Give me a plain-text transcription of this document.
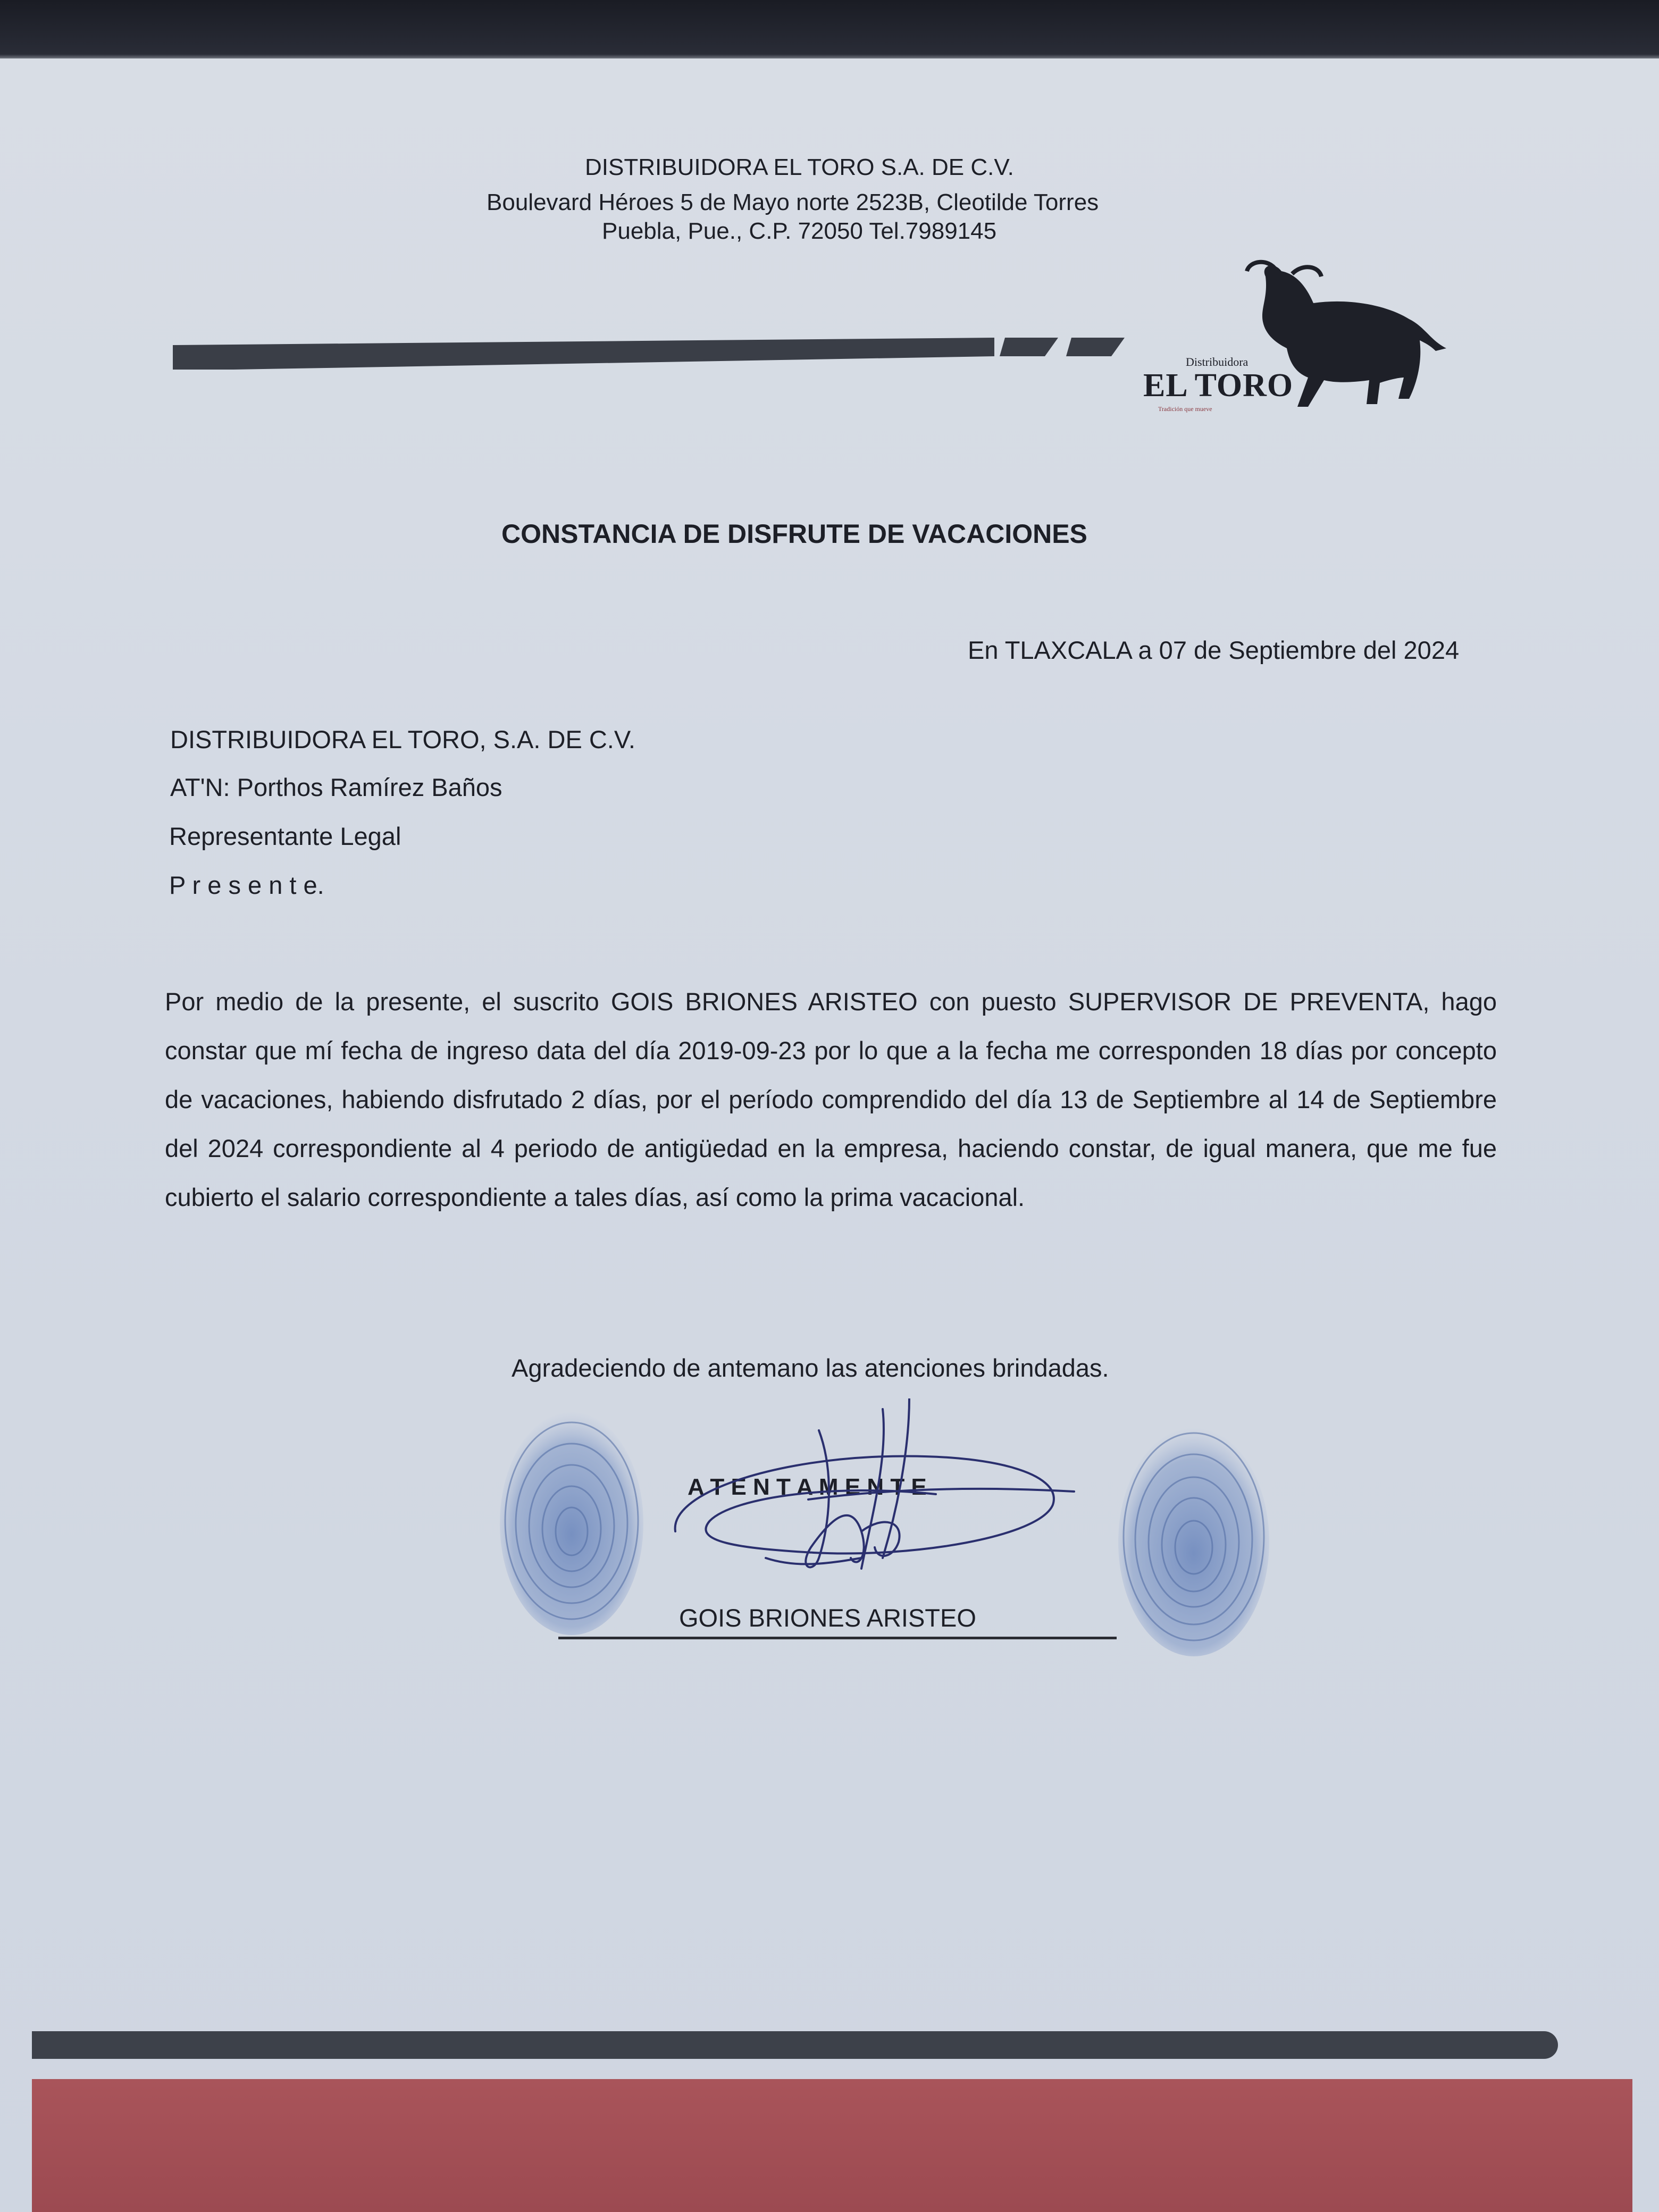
DISTRIBUIDORA EL TORO S.A. DE C.V.
Boulevard Héroes 5 de Mayo norte 2523B, Cleotilde Torres
Puebla, Pue., C.P. 72050 Tel.7989145
Distribuidora
EL TORO
Tradición que mueve
CONSTANCIA DE DISFRUTE DE VACACIONES
En TLAXCALA a 07 de Septiembre del 2024
DISTRIBUIDORA EL TORO, S.A. DE C.V.
AT'N: Porthos Ramírez Baños
Representante Legal
P r e s e n t e.
Por medio de la presente, el suscrito GOIS BRIONES ARISTEO con puesto SUPERVISOR DE PREVENTA, hago constar que mí fecha de ingreso data del día 2019-09-23 por lo que a la fecha me corresponden 18 días por concepto de vacaciones, habiendo disfrutado 2 días, por el período comprendido del día 13 de Septiembre al 14 de Septiembre del 2024 correspondiente al 4 periodo de antigüedad en la empresa, haciendo constar, de igual manera, que me fue cubierto el salario correspondiente a tales días, así como la prima vacacional.
Agradeciendo de antemano las atenciones brindadas.
A T E N T A M E N T E
GOIS BRIONES ARISTEO
